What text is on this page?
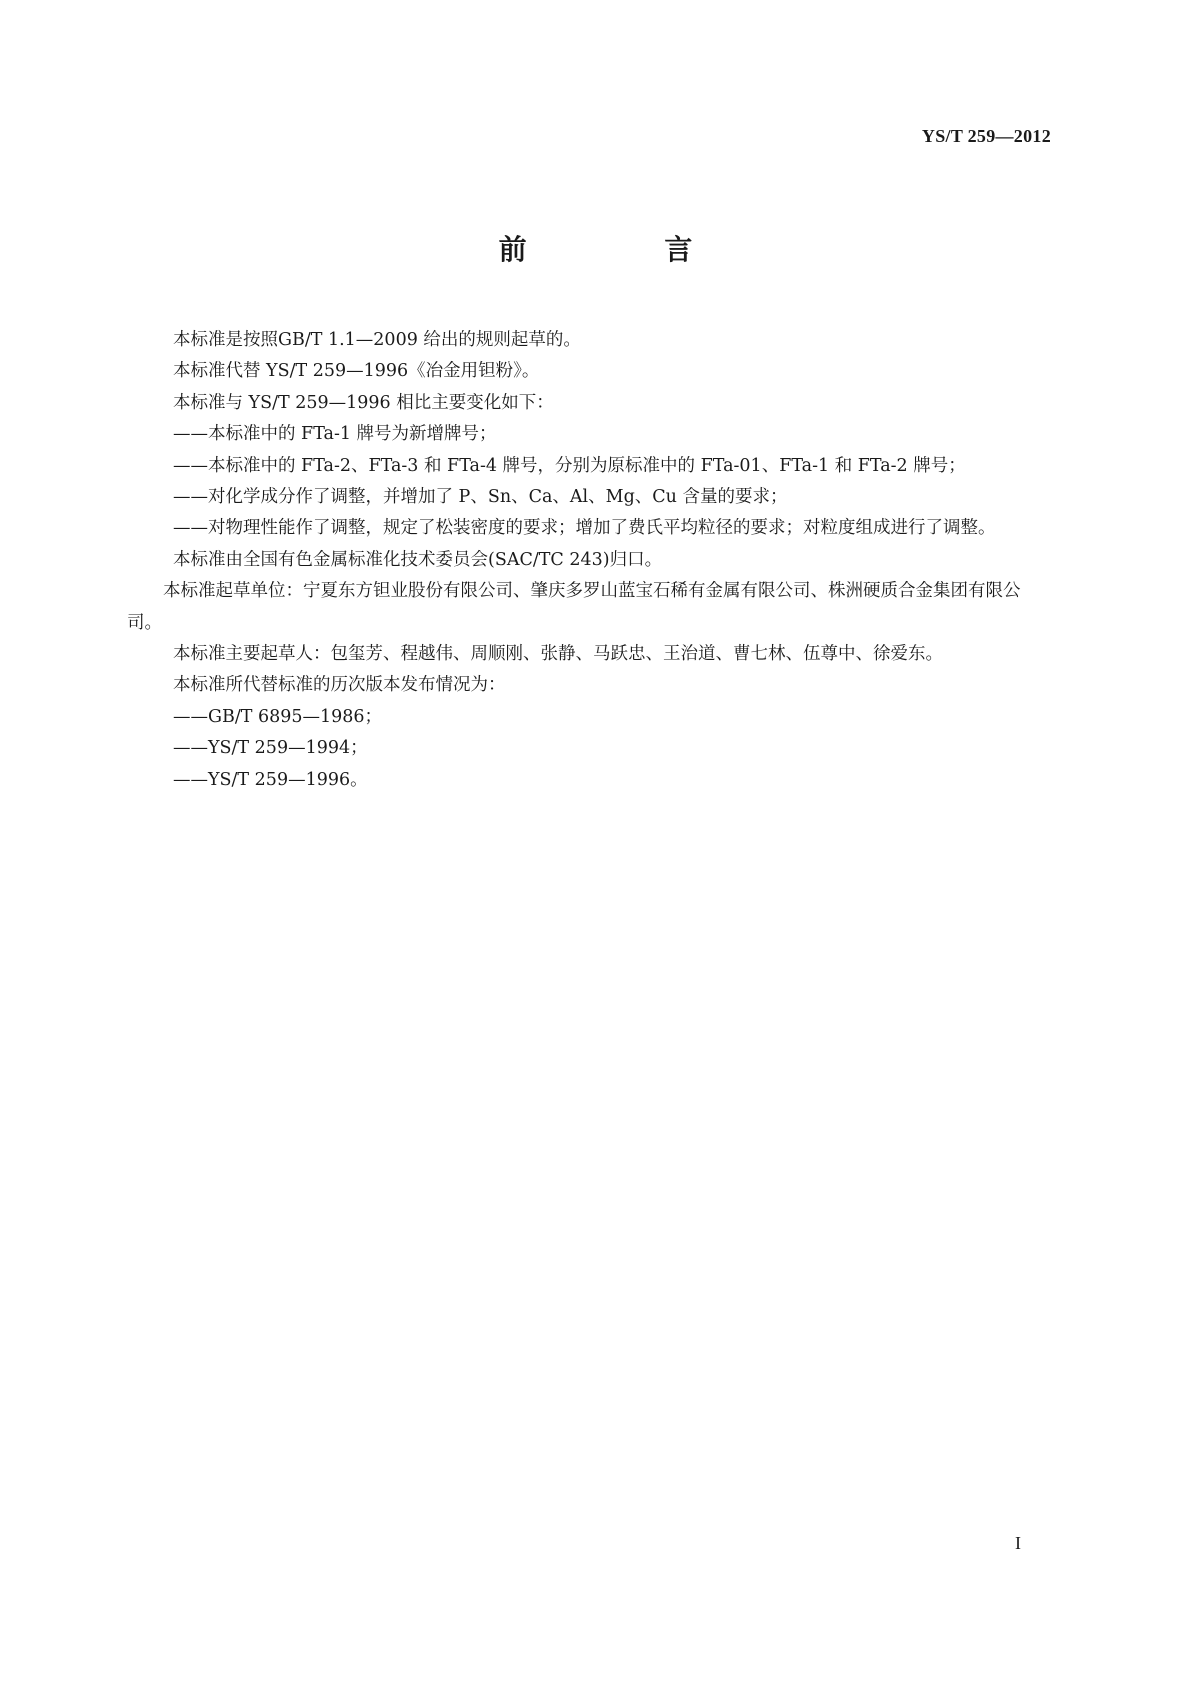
YS/T 259—2012
前 言

本标准是按照GB/T 1.1—2009 给出的规则起草的。

本标准代替 YS/T 259—1996《冶金用钽粉》。

本标准与 YS/T 259—1996 相比主要变化如下：

——本标准中的 FTa-1 牌号为新增牌号；

——本标准中的 FTa-2、FTa-3 和 FTa-4 牌号，分别为原标准中的 FTa-01、FTa-1 和 FTa-2 牌号；

——对化学成分作了调整，并增加了 P、Sn、Ca、Al、Mg、Cu 含量的要求；

——对物理性能作了调整，规定了松装密度的要求；增加了费氏平均粒径的要求；对粒度组成进行了调整。

本标准由全国有色金属标准化技术委员会(SAC/TC 243)归口。

本标准起草单位：宁夏东方钽业股份有限公司、肇庆多罗山蓝宝石稀有金属有限公司、株洲硬质合金集团有限公司。

本标准主要起草人：包玺芳、程越伟、周顺刚、张静、马跃忠、王治道、曹七林、伍尊中、徐爱东。

本标准所代替标准的历次版本发布情况为：

——GB/T 6895—1986；

——YS/T 259—1994；

——YS/T 259—1996。

I
